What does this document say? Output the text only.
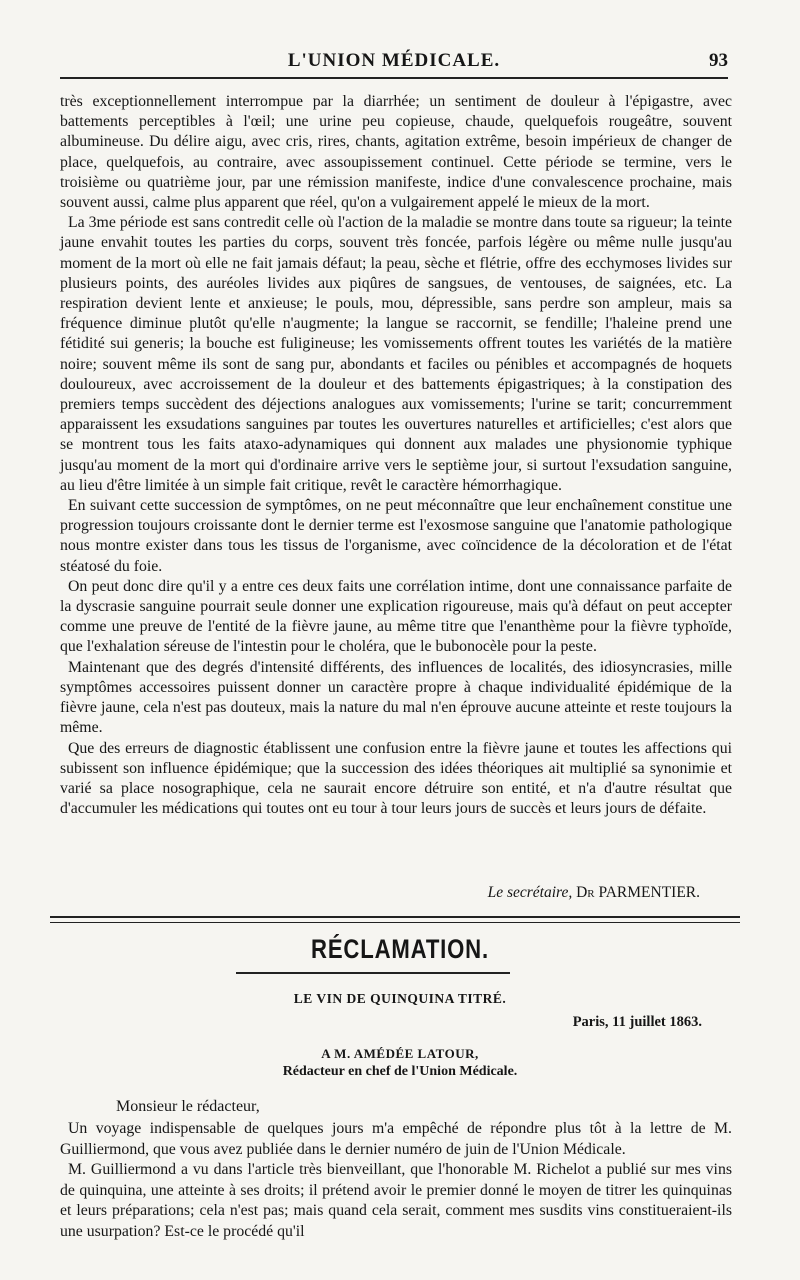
L'UNION MÉDICALE.	93

très exceptionnellement interrompue par la diarrhée; un sentiment de douleur à l'épigastre, avec battements perceptibles à l'œil; une urine peu copieuse, chaude, quelquefois rougeâtre, souvent albumineuse. Du délire aigu, avec cris, rires, chants, agitation extrême, besoin impérieux de changer de place, quelquefois, au contraire, avec assoupissement continuel. Cette période se termine, vers le troisième ou quatrième jour, par une rémission manifeste, indice d'une convalescence prochaine, mais souvent aussi, calme plus apparent que réel, qu'on a vulgairement appelé le mieux de la mort.

La 3me période est sans contredit celle où l'action de la maladie se montre dans toute sa rigueur; la teinte jaune envahit toutes les parties du corps, souvent très foncée, parfois légère ou même nulle jusqu'au moment de la mort où elle ne fait jamais défaut; la peau, sèche et flétrie, offre des ecchymoses livides sur plusieurs points, des auréoles livides aux piqûres de sangsues, de ventouses, de saignées, etc. La respiration devient lente et anxieuse; le pouls, mou, dépressible, sans perdre son ampleur, mais sa fréquence diminue plutôt qu'elle n'augmente; la langue se raccornit, se fendille; l'haleine prend une fétidité sui generis; la bouche est fuligineuse; les vomissements offrent toutes les variétés de la matière noire; souvent même ils sont de sang pur, abondants et faciles ou pénibles et accompagnés de hoquets douloureux, avec accroissement de la douleur et des battements épigastriques; à la constipation des premiers temps succèdent des déjections analogues aux vomissements; l'urine se tarit; concurremment apparaissent les exsudations sanguines par toutes les ouvertures naturelles et artificielles; c'est alors que se montrent tous les faits ataxo-adynamiques qui donnent aux malades une physionomie typhique jusqu'au moment de la mort qui d'ordinaire arrive vers le septième jour, si surtout l'exsudation sanguine, au lieu d'être limitée à un simple fait critique, revêt le caractère hémorrhagique.

En suivant cette succession de symptômes, on ne peut méconnaître que leur enchaînement constitue une progression toujours croissante dont le dernier terme est l'exosmose sanguine que l'anatomie pathologique nous montre exister dans tous les tissus de l'organisme, avec coïncidence de la décoloration et de l'état stéatosé du foie.

On peut donc dire qu'il y a entre ces deux faits une corrélation intime, dont une connaissance parfaite de la dyscrasie sanguine pourrait seule donner une explication rigoureuse, mais qu'à défaut on peut accepter comme une preuve de l'entité de la fièvre jaune, au même titre que l'enanthème pour la fièvre typhoïde, que l'exhalation séreuse de l'intestin pour le choléra, que le bubonocèle pour la peste.

Maintenant que des degrés d'intensité différents, des influences de localités, des idiosyncrasies, mille symptômes accessoires puissent donner un caractère propre à chaque individualité épidémique de la fièvre jaune, cela n'est pas douteux, mais la nature du mal n'en éprouve aucune atteinte et reste toujours la même.

Que des erreurs de diagnostic établissent une confusion entre la fièvre jaune et toutes les affections qui subissent son influence épidémique; que la succession des idées théoriques ait multiplié sa synonimie et varié sa place nosographique, cela ne saurait encore détruire son entité, et n'a d'autre résultat que d'accumuler les médications qui toutes ont eu tour à tour leurs jours de succès et leurs jours de défaite.

Le secrétaire, Dr PARMENTIER.
RÉCLAMATION.
LE VIN DE QUINQUINA TITRÉ.
Paris, 11 juillet 1863.
A M. AMÉDÉE LATOUR,
Rédacteur en chef de l'Union Médicale.
Monsieur le rédacteur,

Un voyage indispensable de quelques jours m'a empêché de répondre plus tôt à la lettre de M. Guilliermond, que vous avez publiée dans le dernier numéro de juin de l'Union Médicale.

M. Guilliermond a vu dans l'article très bienveillant, que l'honorable M. Richelot a publié sur mes vins de quinquina, une atteinte à ses droits; il prétend avoir le premier donné le moyen de titrer les quinquinas et leurs préparations; cela n'est pas; mais quand cela serait, comment mes susdits vins constitueraient-ils une usurpation? Est-ce le procédé qu'il
